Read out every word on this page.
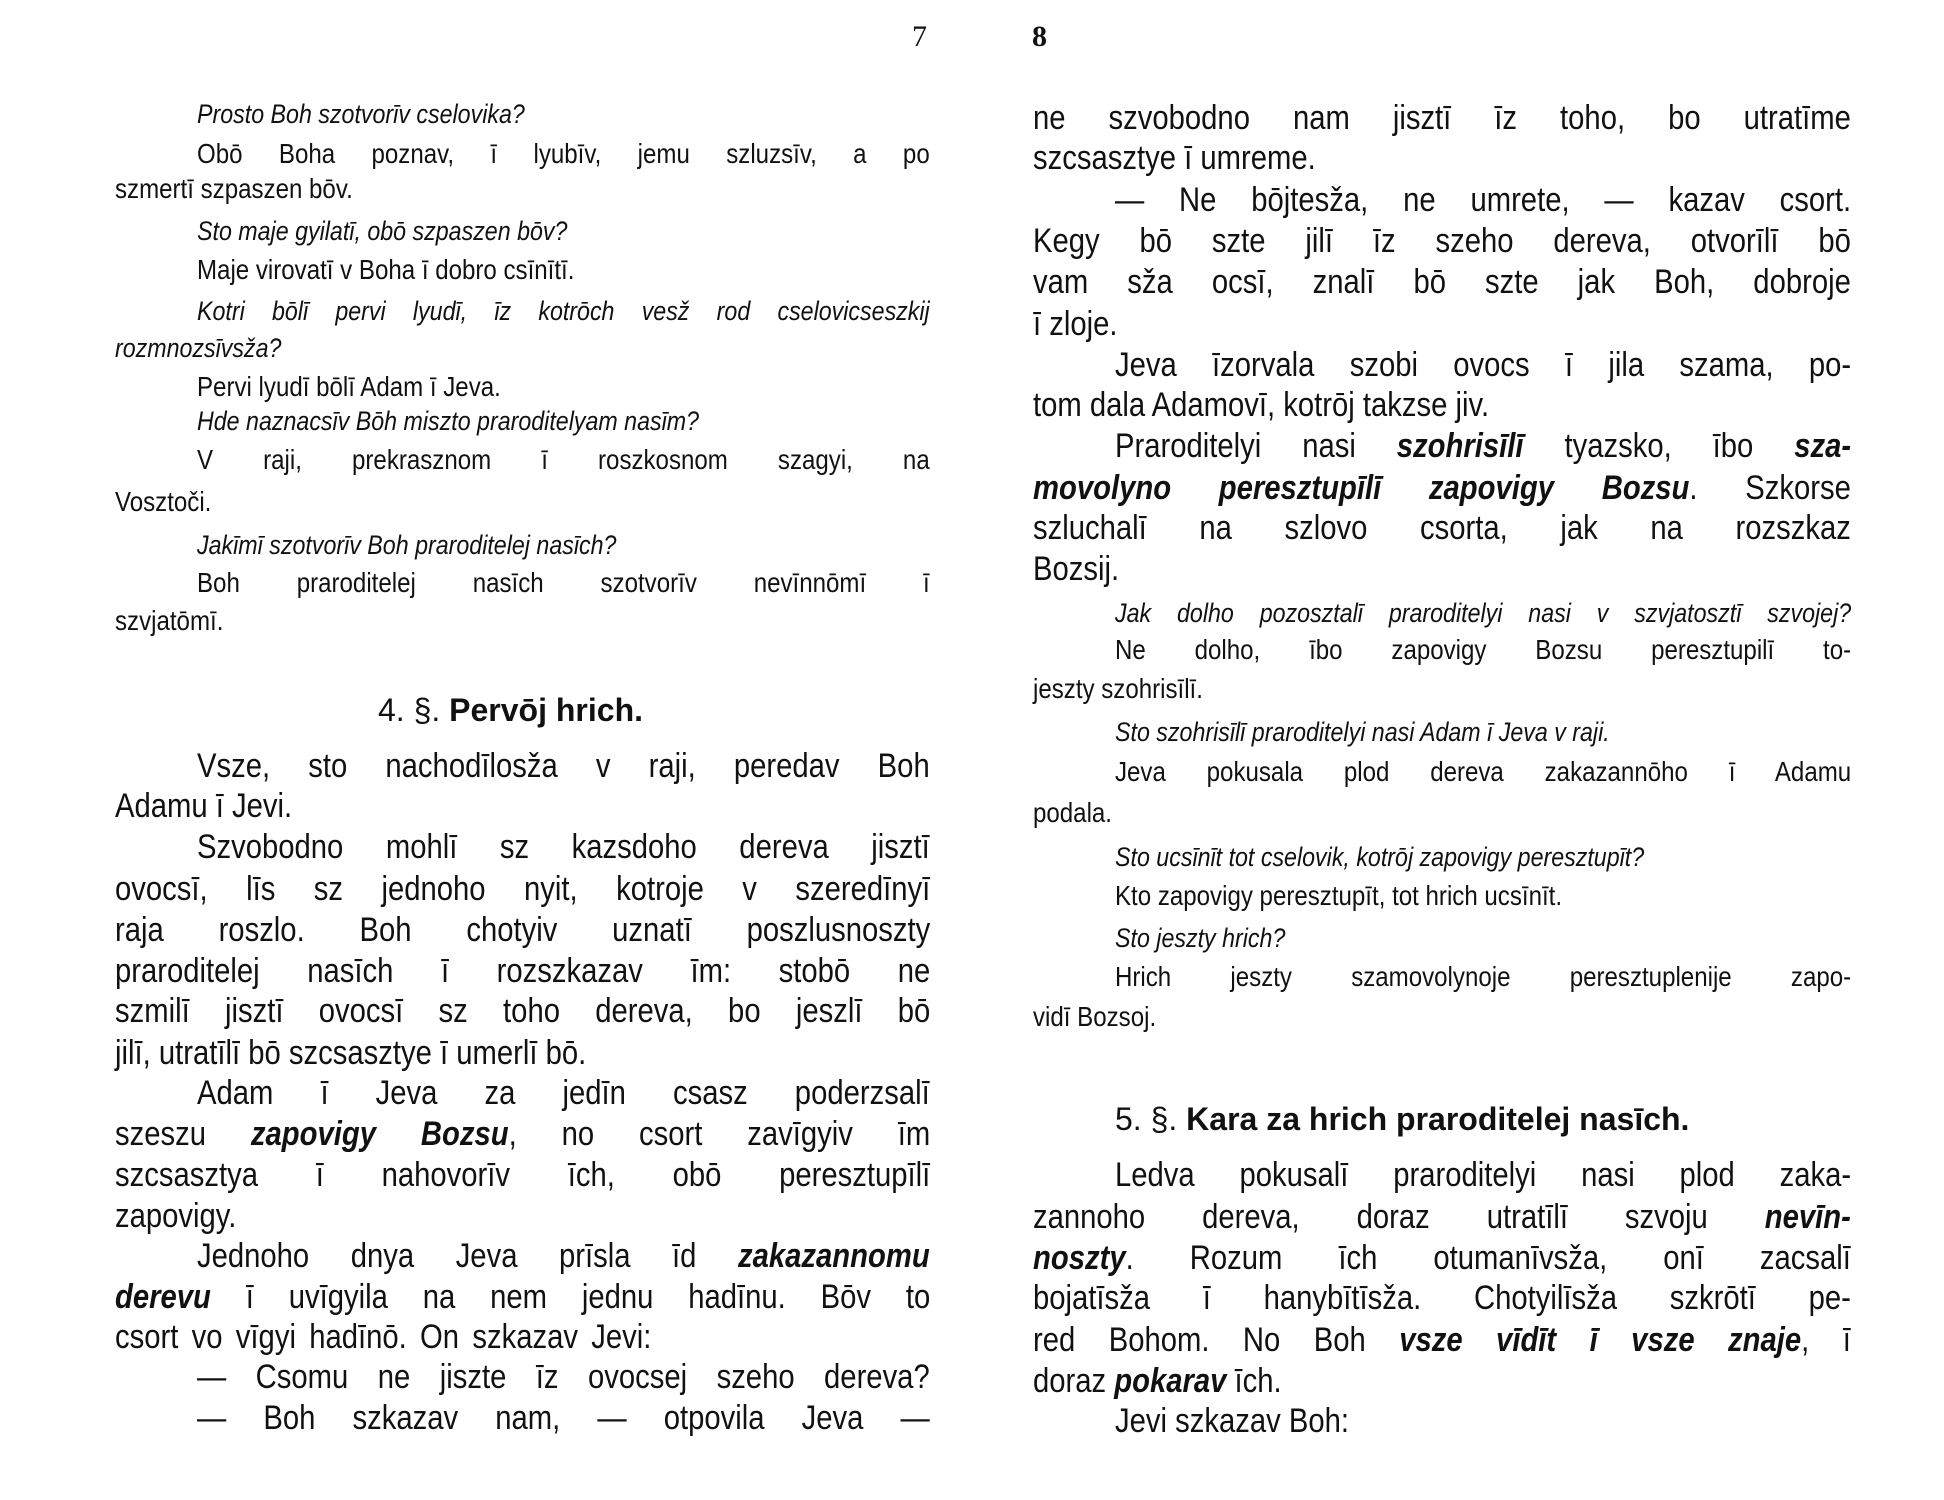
7
Prosto Boh szotvorīv cselovika?
Obō Boha poznav, ī lyubīv, jemu szluzsīv, a po
szmertī szpaszen bōv.
Sto maje gyilatī, obō szpaszen bōv?
Maje virovatī v Boha ī dobro csīnītī.
Kotri bōlī pervi lyudī, īz kotrōch vesž rod cselovicseszkij
rozmnozsīvsža?
Pervi lyudī bōlī Adam ī Jeva.
Hde naznacsīv Bōh miszto praroditelyam nasīm?
V raji, prekrasznom ī roszkosnom szagyi, na
Vosztoči.
Jakīmī szotvorīv Boh praroditelej nasīch?
Boh praroditelej nasīch szotvorīv nevīnnōmī ī
szvjatōmī.
4. §. Pervōj hrich.
Vsze, sto nachodīlosža v raji, peredav Boh
Adamu ī Jevi.
Szvobodno mohlī sz kazsdoho dereva jisztī
ovocsī, līs sz jednoho nyit, kotroje v szeredīnyī
raja roszlo. Boh chotyiv uznatī poszlusnoszty
praroditelej nasīch ī rozszkazav īm: stobō ne
szmilī jisztī ovocsī sz toho dereva, bo jeszlī bō
jilī, utratīlī bō szcsasztye ī umerlī bō.
Adam ī Jeva za jedīn csasz poderzsalī
szeszu zapovigy Bozsu, no csort zavīgyiv īm
szcsasztya ī nahovorīv īch, obō peresztupīlī
zapovigy.
Jednoho dnya Jeva prīsla īd zakazannomu
derevu ī uvīgyila na nem jednu hadīnu. Bōv to
csort vo vīgyi hadīnō. On szkazav Jevi:
— Csomu ne jiszte īz ovocsej szeho dereva?
— Boh szkazav nam, — otpovila Jeva —
8
ne szvobodno nam jisztī īz toho, bo utratīme
szcsasztye ī umreme.
— Ne bōjtesža, ne umrete, — kazav csort.
Kegy bō szte jilī īz szeho dereva, otvorīlī bō
vam sža ocsī, znalī bō szte jak Boh, dobroje
ī zloje.
Jeva īzorvala szobi ovocs ī jila szama, po-
tom dala Adamovī, kotrōj takzse jiv.
Praroditelyi nasi szohrisīlī tyazsko, ībo sza-
movolyno peresztupīlī zapovigy Bozsu. Szkorse
szluchalī na szlovo csorta, jak na rozszkaz
Bozsij.
Jak dolho pozosztalī praroditelyi nasi v szvjatosztī szvojej?
Ne dolho, ībo zapovigy Bozsu peresztupilī to-
jeszty szohrisīlī.
Sto szohrisīlī praroditelyi nasi Adam ī Jeva v raji.
Jeva pokusala plod dereva zakazannōho ī Adamu
podala.
Sto ucsīnīt tot cselovik, kotrōj zapovigy peresztupīt?
Kto zapovigy peresztupīt, tot hrich ucsīnīt.
Sto jeszty hrich?
Hrich jeszty szamovolynoje peresztuplenije zapo-
vidī Bozsoj.
5. §. Kara za hrich praroditelej nasīch.
Ledva pokusalī praroditelyi nasi plod zaka-
zannoho dereva, doraz utratīlī szvoju nevīn-
noszty. Rozum īch otumanīvsža, onī zacsalī
bojatīsža ī hanybītīsža. Chotyilīsža szkrōtī pe-
red Bohom. No Boh vsze vīdīt ī vsze znaje, ī
doraz pokarav īch.
Jevi szkazav Boh:
